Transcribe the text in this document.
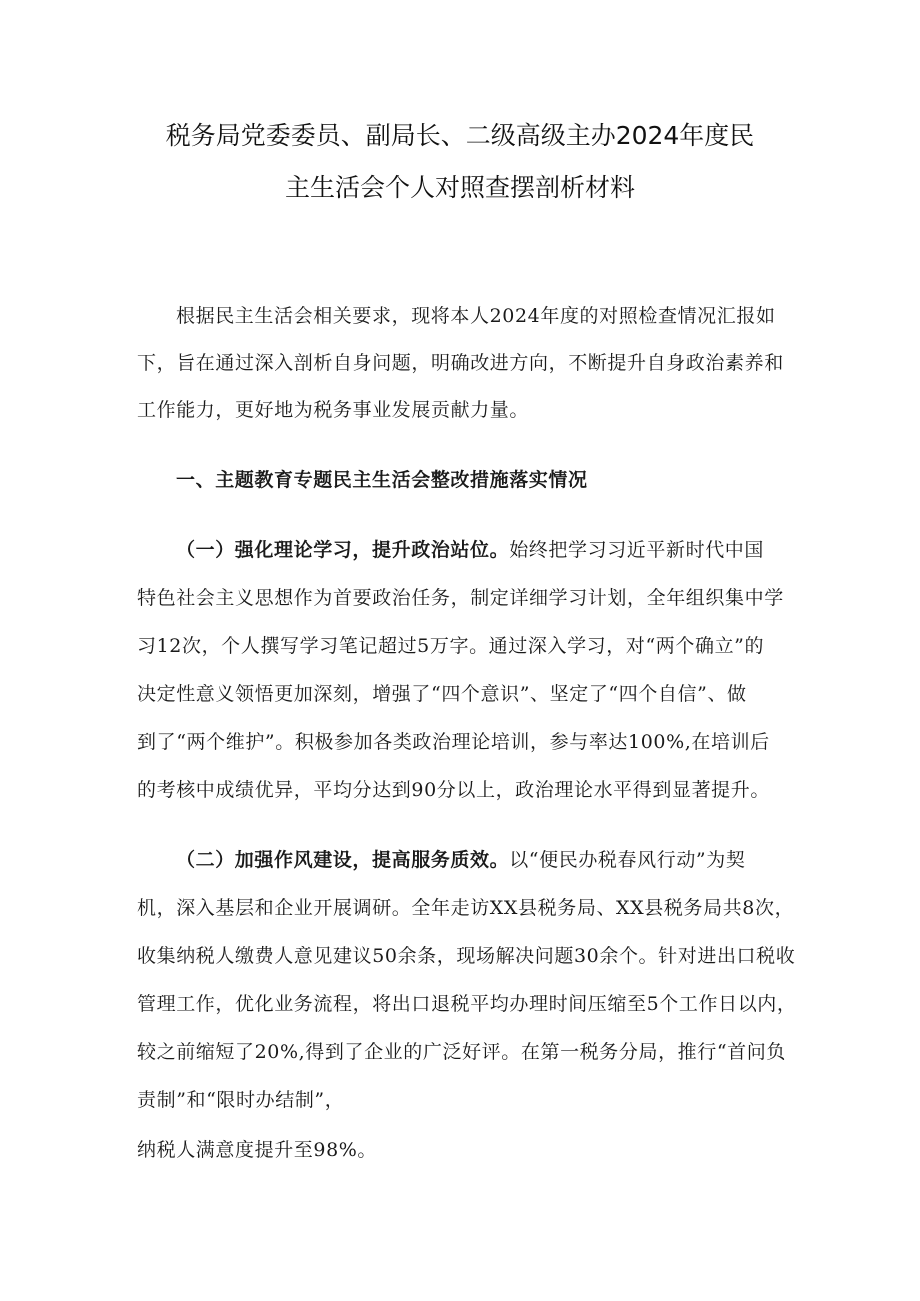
税务局党委委员、副局长、二级高级主办2024年度民
主生活会个人对照查摆剖析材料
根据民主生活会相关要求，现将本人2024年度的对照检查情况汇报如
下，旨在通过深入剖析自身问题，明确改进方向，不断提升自身政治素养和
工作能力，更好地为税务事业发展贡献力量。
一、主题教育专题民主生活会整改措施落实情况
（一）强化理论学习，提升政治站位。始终把学习习近平新时代中国
特色社会主义思想作为首要政治任务，制定详细学习计划，全年组织集中学
习12次，个人撰写学习笔记超过5万字。通过深入学习，对“两个确立”的
决定性意义领悟更加深刻，增强了“四个意识”、坚定了“四个自信”、做
到了“两个维护”。积极参加各类政治理论培训，参与率达100%,在培训后
的考核中成绩优异，平均分达到90分以上，政治理论水平得到显著提升。
（二）加强作风建设，提高服务质效。以“便民办税春风行动”为契
机，深入基层和企业开展调研。全年走访XX县税务局、XX县税务局共8次，
收集纳税人缴费人意见建议50余条，现场解决问题30余个。针对进出口税收
管理工作，优化业务流程，将出口退税平均办理时间压缩至5个工作日以内，
较之前缩短了20%,得到了企业的广泛好评。在第一税务分局，推行“首问负
责制”和“限时办结制”，
纳税人满意度提升至98%。
